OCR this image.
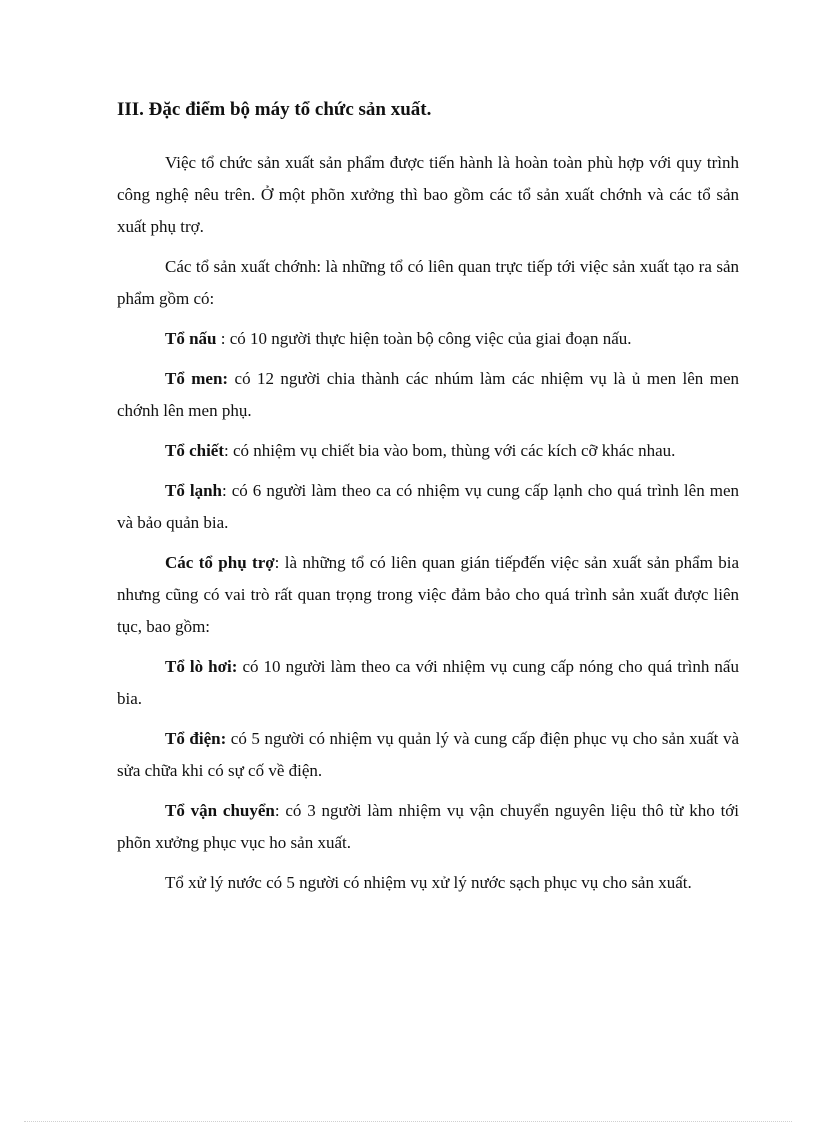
III. Đặc điểm bộ máy tổ chức sản xuất.

Việc tổ chức sản xuất sản phẩm được tiến hành là hoàn toàn phù hợp với quy trình công nghệ nêu trên. Ở một phõn xưởng thì bao gồm các tổ sản xuất chớnh và các tổ sản xuất phụ trợ.

Các tổ sản xuất chớnh: là những tổ có liên quan trực tiếp tới việc sản xuất tạo ra sản phẩm gồm có:

Tổ nấu : có 10 người thực hiện toàn bộ công việc của giai đoạn nấu.

Tổ men: có 12 người chia thành các nhúm làm các nhiệm vụ là ủ men lên men chớnh lên men phụ.

Tổ chiết: có nhiệm vụ chiết bia vào bom, thùng với các kích cỡ khác nhau.

Tổ lạnh: có 6 người làm theo ca có nhiệm vụ cung cấp lạnh cho quá trình lên men và bảo quản bia.

Các tổ phụ trợ: là những tổ có liên quan gián tiếpđến việc sản xuất sản phẩm bia nhưng cũng có vai trò rất quan trọng trong việc đảm bảo cho quá trình sản xuất được liên tục, bao gồm:

Tổ lò hơi: có 10 người làm theo ca với nhiệm vụ cung cấp nóng cho quá trình nấu bia.

Tổ điện: có 5 người có nhiệm vụ quản lý và cung cấp điện phục vụ cho sản xuất và sửa chữa khi có sự cố về điện.

Tổ vận chuyển: có 3 người làm nhiệm vụ vận chuyển nguyên liệu thô từ kho tới phõn xưởng phục vục ho sản xuất.

Tổ xử lý nước có 5 người có nhiệm vụ xử lý nước sạch phục vụ cho sản xuất.
